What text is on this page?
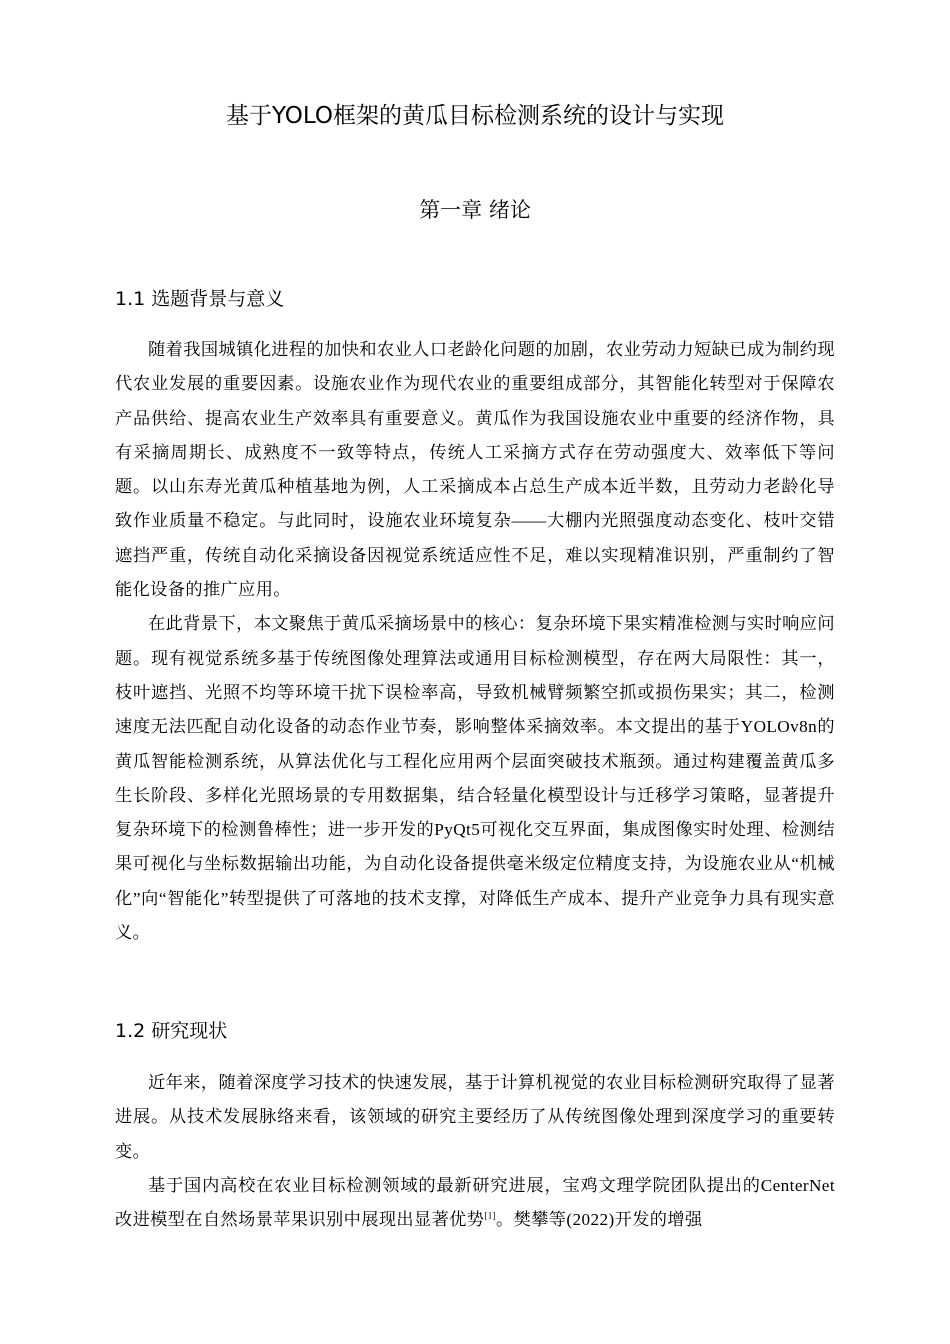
基于YOLO框架的黄瓜目标检测系统的设计与实现
第一章 绪论
1.1 选题背景与意义

随着我国城镇化进程的加快和农业人口老龄化问题的加剧，农业劳动力短缺已成为制约现代农业发展的重要因素。设施农业作为现代农业的重要组成部分，其智能化转型对于保障农产品供给、提高农业生产效率具有重要意义。黄瓜作为我国设施农业中重要的经济作物，具有采摘周期长、成熟度不一致等特点，传统人工采摘方式存在劳动强度大、效率低下等问题。以山东寿光黄瓜种植基地为例，人工采摘成本占总生产成本近半数，且劳动力老龄化导致作业质量不稳定。与此同时，设施农业环境复杂——大棚内光照强度动态变化、枝叶交错遮挡严重，传统自动化采摘设备因视觉系统适应性不足，难以实现精准识别，严重制约了智能化设备的推广应用。

在此背景下，本文聚焦于黄瓜采摘场景中的核心：复杂环境下果实精准检测与实时响应问题。现有视觉系统多基于传统图像处理算法或通用目标检测模型，存在两大局限性：其一，枝叶遮挡、光照不均等环境干扰下误检率高，导致机械臂频繁空抓或损伤果实；其二，检测速度无法匹配自动化设备的动态作业节奏，影响整体采摘效率。本文提出的基于YOLOv8n的黄瓜智能检测系统，从算法优化与工程化应用两个层面突破技术瓶颈。通过构建覆盖黄瓜多生长阶段、多样化光照场景的专用数据集，结合轻量化模型设计与迁移学习策略，显著提升复杂环境下的检测鲁棒性；进一步开发的PyQt5可视化交互界面，集成图像实时处理、检测结果可视化与坐标数据输出功能，为自动化设备提供毫米级定位精度支持，为设施农业从“机械化”向“智能化”转型提供了可落地的技术支撑，对降低生产成本、提升产业竞争力具有现实意义。

1.2 研究现状

近年来，随着深度学习技术的快速发展，基于计算机视觉的农业目标检测研究取得了显著进展。从技术发展脉络来看，该领域的研究主要经历了从传统图像处理到深度学习的重要转变。

基于国内高校在农业目标检测领域的最新研究进展，宝鸡文理学院团队提出的CenterNet改进模型在自然场景苹果识别中展现出显著优势[1]。樊攀等(2022)开发的增强
